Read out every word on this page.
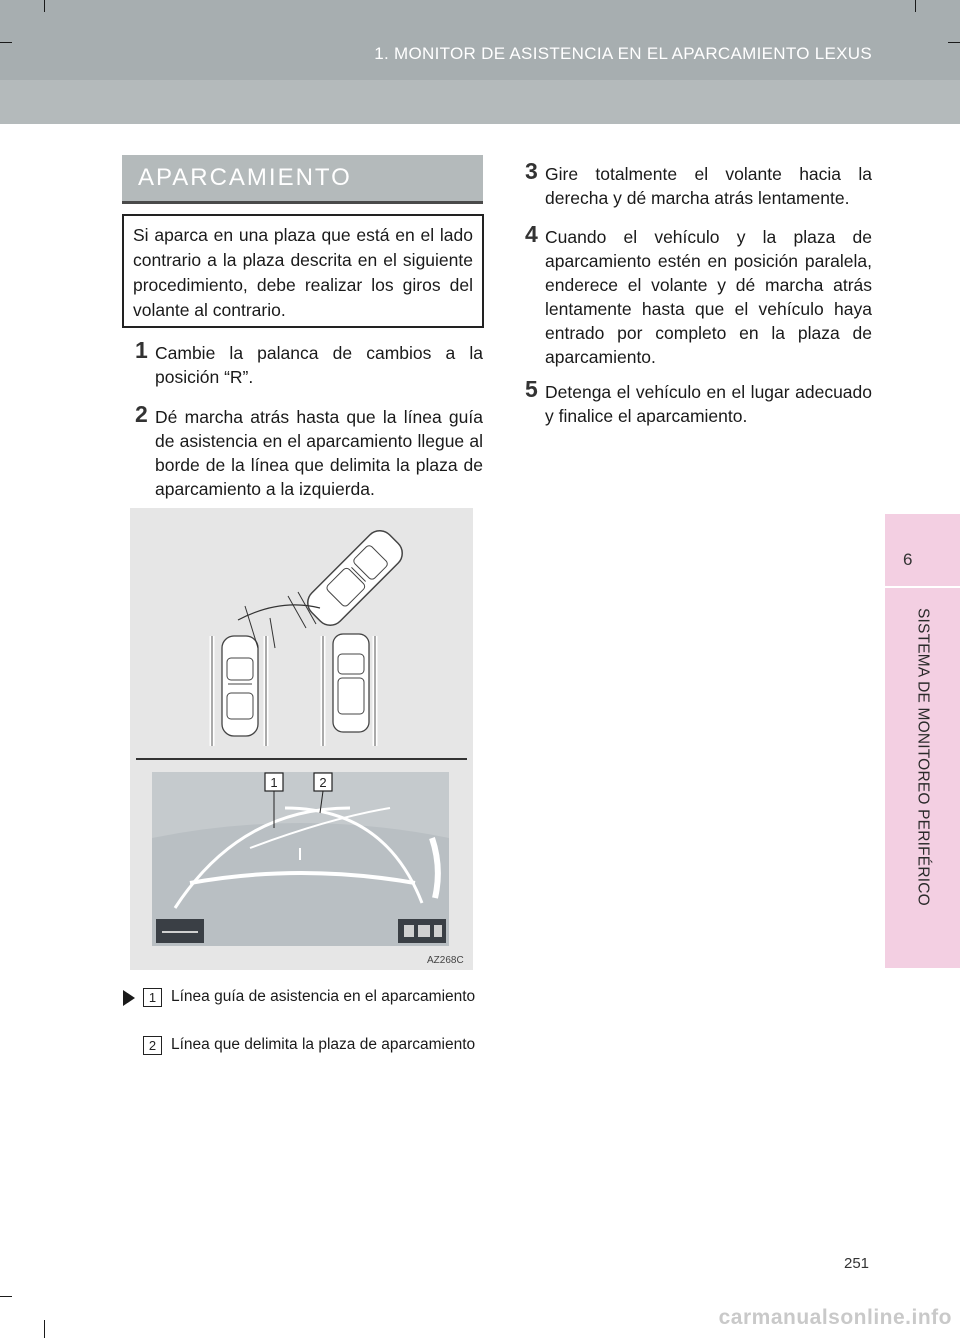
1. MONITOR DE ASISTENCIA EN EL APARCAMIENTO LEXUS
6
SISTEMA DE MONITOREO PERIFÉRICO
APARCAMIENTO
Si aparca en una plaza que está en el lado contrario a la plaza descrita en el siguiente procedimiento, debe realizar los giros del volante al contrario.
1 Cambie la palanca de cambios a la posición “R”.
2 Dé marcha atrás hasta que la línea guía de asistencia en el aparcamiento llegue al borde de la línea que delimita la plaza de aparcamiento a la izquierda.
3 Gire totalmente el volante hacia la derecha y dé marcha atrás lentamente.
4 Cuando el vehículo y la plaza de aparcamiento estén en posición paralela, enderece el volante y dé marcha atrás lentamente hasta que el vehículo haya entrado por completo en la plaza de aparcamiento.
5 Detenga el vehículo en el lugar adecuado y finalice el aparcamiento.
1	2
AZ268C
1 Línea guía de asistencia en el aparcamiento
2 Línea que delimita la plaza de aparcamiento
251
carmanualsonline.info
